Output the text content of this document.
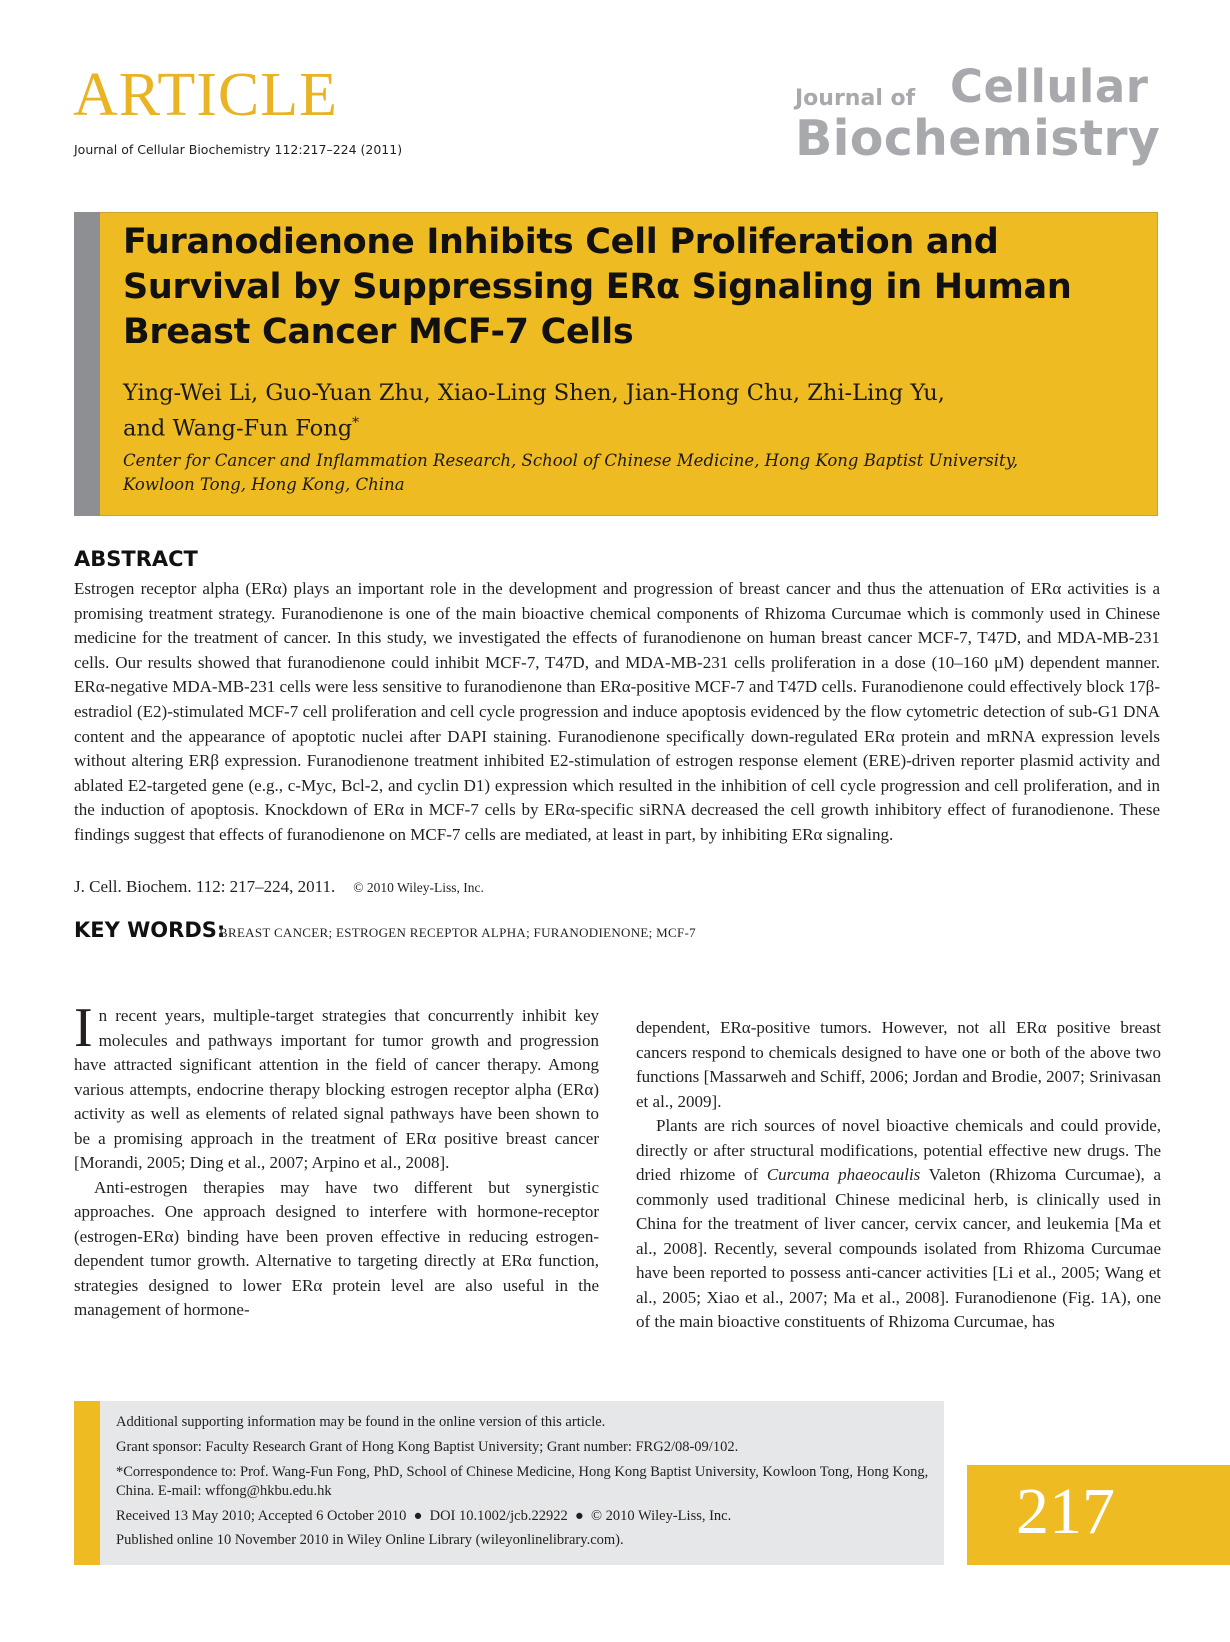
ARTICLE
Journal of Cellular Biochemistry 112:217–224 (2011)
Journal of Cellular
Biochemistry
Furanodienone Inhibits Cell Proliferation and Survival by Suppressing ERα Signaling in Human Breast Cancer MCF-7 Cells
Ying-Wei Li, Guo-Yuan Zhu, Xiao-Ling Shen, Jian-Hong Chu, Zhi-Ling Yu,
and Wang-Fun Fong*
Center for Cancer and Inflammation Research, School of Chinese Medicine, Hong Kong Baptist University,
Kowloon Tong, Hong Kong, China
ABSTRACT
Estrogen receptor alpha (ERα) plays an important role in the development and progression of breast cancer and thus the attenuation of ERα activities is a promising treatment strategy. Furanodienone is one of the main bioactive chemical components of Rhizoma Curcumae which is commonly used in Chinese medicine for the treatment of cancer. In this study, we investigated the effects of furanodienone on human breast cancer MCF-7, T47D, and MDA-MB-231 cells. Our results showed that furanodienone could inhibit MCF-7, T47D, and MDA-MB-231 cells proliferation in a dose (10–160 μM) dependent manner. ERα-negative MDA-MB-231 cells were less sensitive to furanodienone than ERα-positive MCF-7 and T47D cells. Furanodienone could effectively block 17β-estradiol (E2)-stimulated MCF-7 cell proliferation and cell cycle progression and induce apoptosis evidenced by the flow cytometric detection of sub-G1 DNA content and the appearance of apoptotic nuclei after DAPI staining. Furanodienone specifically down-regulated ERα protein and mRNA expression levels without altering ERβ expression. Furanodienone treatment inhibited E2-stimulation of estrogen response element (ERE)-driven reporter plasmid activity and ablated E2-targeted gene (e.g., c-Myc, Bcl-2, and cyclin D1) expression which resulted in the inhibition of cell cycle progression and cell proliferation, and in the induction of apoptosis. Knockdown of ERα in MCF-7 cells by ERα-specific siRNA decreased the cell growth inhibitory effect of furanodienone. These findings suggest that effects of furanodienone on MCF-7 cells are mediated, at least in part, by inhibiting ERα signaling.
J. Cell. Biochem. 112: 217–224, 2011. © 2010 Wiley-Liss, Inc.
KEY WORDS:
BREAST CANCER; ESTROGEN RECEPTOR ALPHA; FURANODIENONE; MCF-7

In recent years, multiple-target strategies that concurrently inhibit key molecules and pathways important for tumor growth and progression have attracted significant attention in the field of cancer therapy. Among various attempts, endocrine therapy blocking estrogen receptor alpha (ERα) activity as well as elements of related signal pathways have been shown to be a promising approach in the treatment of ERα positive breast cancer [Morandi, 2005; Ding et al., 2007; Arpino et al., 2008].

Anti-estrogen therapies may have two different but synergistic approaches. One approach designed to interfere with hormone-receptor (estrogen-ERα) binding have been proven effective in reducing estrogen-dependent tumor growth. Alternative to targeting directly at ERα function, strategies designed to lower ERα protein level are also useful in the management of hormone-

dependent, ERα-positive tumors. However, not all ERα positive breast cancers respond to chemicals designed to have one or both of the above two functions [Massarweh and Schiff, 2006; Jordan and Brodie, 2007; Srinivasan et al., 2009].

Plants are rich sources of novel bioactive chemicals and could provide, directly or after structural modifications, potential effective new drugs. The dried rhizome of Curcuma phaeocaulis Valeton (Rhizoma Curcumae), a commonly used traditional Chinese medicinal herb, is clinically used in China for the treatment of liver cancer, cervix cancer, and leukemia [Ma et al., 2008]. Recently, several compounds isolated from Rhizoma Curcumae have been reported to possess anti-cancer activities [Li et al., 2005; Wang et al., 2005; Xiao et al., 2007; Ma et al., 2008]. Furanodienone (Fig. 1A), one of the main bioactive constituents of Rhizoma Curcumae, has

Additional supporting information may be found in the online version of this article.
Grant sponsor: Faculty Research Grant of Hong Kong Baptist University; Grant number: FRG2/08-09/102.
*Correspondence to: Prof. Wang-Fun Fong, PhD, School of Chinese Medicine, Hong Kong Baptist University, Kowloon Tong, Hong Kong, China. E-mail: wffong@hkbu.edu.hk
Received 13 May 2010; Accepted 6 October 2010  ●  DOI 10.1002/jcb.22922  ●  © 2010 Wiley-Liss, Inc.
Published online 10 November 2010 in Wiley Online Library (wileyonlinelibrary.com).	217
